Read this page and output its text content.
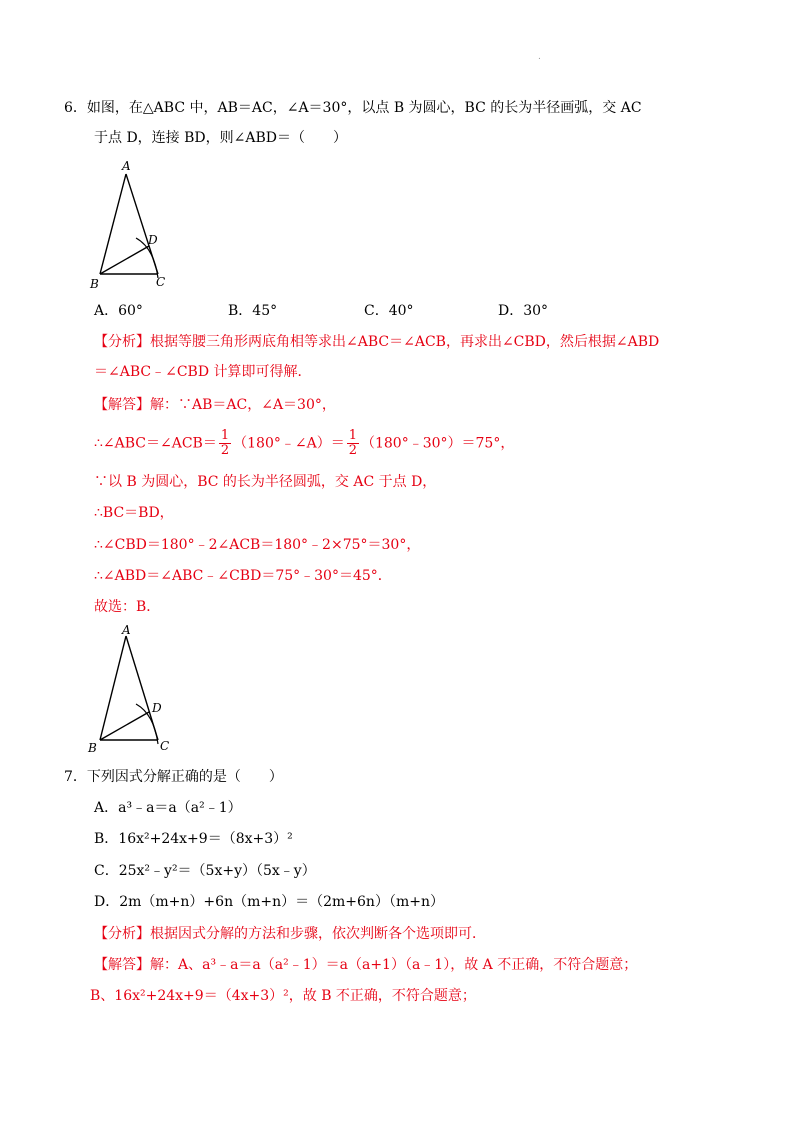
.
6．如图，在△ABC 中，AB＝AC，∠A＝30°，以点 B 为圆心，BC 的长为半径画弧，交 AC
于点 D，连接 BD，则∠ABD＝（　　）
A
D
B	C
A．60°	B．45°	C．40°	D．30°
【分析】根据等腰三角形两底角相等求出∠ABC＝∠ACB，再求出∠CBD，然后根据∠ABD
＝∠ABC﹣∠CBD 计算即可得解．
【解答】解：∵AB＝AC，∠A＝30°，
∴∠ABC＝∠ACB＝ $\frac{1}{2}$ （180°﹣∠A）＝ $\frac{1}{2}$ （180°﹣30°）＝75°，
∵以 B 为圆心，BC 的长为半径圆弧，交 AC 于点 D，
∴BC＝BD，
∴∠CBD＝180°﹣2∠ACB＝180°﹣2×75°＝30°，
∴∠ABD＝∠ABC﹣∠CBD＝75°﹣30°＝45°．
故选：B．
A
D
B	C
7．下列因式分解正确的是（　　）
A．a³﹣a＝a（a²﹣1）
B．16x²+24x+9＝（8x+3）²
C．25x²﹣y²＝（5x+y）（5x﹣y）
D．2m（m+n）+6n（m+n）＝（2m+6n）（m+n）
【分析】根据因式分解的方法和步骤，依次判断各个选项即可．
【解答】解：A、a³﹣a＝a（a²﹣1）＝a（a+1）（a﹣1），故 A 不正确，不符合题意；
B、16x²+24x+9＝（4x+3）²，故 B 不正确，不符合题意；
